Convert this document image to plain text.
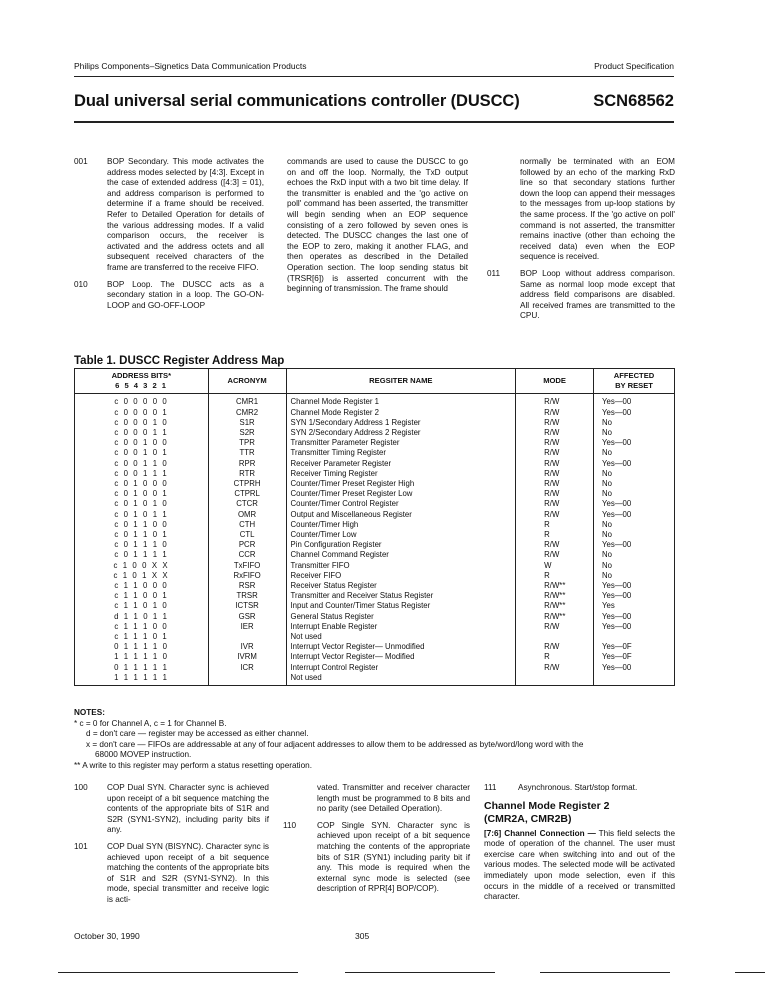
Philips Components–Signetics Data Communication Products	Product Specification
Dual universal serial communications controller (DUSCC)	SCN68562
001 BOP Secondary. This mode activates the address modes selected by [4:3]. Except in the case of extended address ([4:3] = 01), and address comparison is performed to determine if a frame should be received. Refer to Detailed Operation for details of the various addressing modes. If a valid comparison occurs, the receiver is activated and the address octets and all subsequent received characters of the frame are transferred to the receive FIFO.
010 BOP Loop. The DUSCC acts as a secondary station in a loop. The GO-ON-LOOP and GO-OFF-LOOP
commands are used to cause the DUSCC to go on and off the loop. Normally, the TxD output echoes the RxD input with a two bit time delay. If the transmitter is enabled and the 'go active on poll' command has been asserted, the transmitter will begin sending when an EOP sequence consisting of a zero followed by seven ones is detected. The DUSCC changes the last one of the EOP to zero, making it another FLAG, and then operates as described in the Detailed Operation section. The loop sending status bit (TRSR[6]) is asserted concurrent with the beginning of transmission. The frame should
normally be terminated with an EOM followed by an echo of the marking RxD line so that secondary stations further down the loop can append their messages to the messages from up-loop stations by the same process. If the 'go active on poll' command is not asserted, the transmitter remains inactive (other than echoing the received data) even when the EOP sequence is received.
011 BOP Loop without address comparison. Same as normal loop mode except that address field comparisons are disabled. All received frames are transmitted to the CPU.
Table 1. DUSCC Register Address Map
ADDRESS BITS*
6 5 4 3 2 1	ACRONYM	REGSITER NAME	MODE	AFFECTED BY RESET
c 0 0 0 0 0	CMR1	Channel Mode Register 1	R/W	Yes—00
c 0 0 0 0 1	CMR2	Channel Mode Register 2	R/W	Yes—00
c 0 0 0 1 0	S1R	SYN 1/Secondary Address 1 Register	R/W	No
c 0 0 0 1 1	S2R	SYN 2/Secondary Address 2 Register	R/W	No
c 0 0 1 0 0	TPR	Transmitter Parameter Register	R/W	Yes—00
c 0 0 1 0 1	TTR	Transmitter Timing Register	R/W	No
c 0 0 1 1 0	RPR	Receiver Parameter Register	R/W	Yes—00
c 0 0 1 1 1	RTR	Receiver Timing Register	R/W	No
c 0 1 0 0 0	CTPRH	Counter/Timer Preset Register High	R/W	No
c 0 1 0 0 1	CTPRL	Counter/Timer Preset Register Low	R/W	No
c 0 1 0 1 0	CTCR	Counter/Timer Control Register	R/W	Yes—00
c 0 1 0 1 1	OMR	Output and Miscellaneous Register	R/W	Yes—00
c 0 1 1 0 0	CTH	Counter/Timer High	R	No
c 0 1 1 0 1	CTL	Counter/Timer Low	R	No
c 0 1 1 1 0	PCR	Pin Configuration Register	R/W	Yes—00
c 0 1 1 1 1	CCR	Channel Command Register	R/W	No
c 1 0 0 X X	TxFIFO	Transmitter FIFO	W	No
c 1 0 1 X X	RxFIFO	Receiver FIFO	R	No
c 1 1 0 0 0	RSR	Receiver Status Register	R/W**	Yes—00
c 1 1 0 0 1	TRSR	Transmitter and Receiver Status Register	R/W**	Yes—00
c 1 1 0 1 0	ICTSR	Input and Counter/Timer Status Register	R/W**	Yes
d 1 1 0 1 1	GSR	General Status Register	R/W**	Yes—00
c 1 1 1 0 0	IER	Interrupt Enable Register	R/W	Yes—00
c 1 1 1 0 1		Not used		
0 1 1 1 1 0	IVR	Interrupt Vector Register— Unmodified	R/W	Yes—0F
1 1 1 1 1 0	IVRM	Interrupt Vector Register— Modified	R	Yes—0F
0 1 1 1 1 1	ICR	Interrupt Control Register	R/W	Yes—00
1 1 1 1 1 1		Not used		
NOTES:
* c = 0 for Channel A, c = 1 for Channel B.
d = don't care — register may be accessed as either channel.
x = don't care — FIFOs are addressable at any of four adjacent addresses to allow them to be addressed as byte/word/long word with the
68000 MOVEP instruction.
** A write to this register may perform a status resetting operation.
100 COP Dual SYN. Character sync is achieved upon receipt of a bit sequence matching the contents of the appropriate bits of S1R and S2R (SYN1-SYN2), including parity bits if any.
101 COP Dual SYN (BISYNC). Character sync is achieved upon receipt of a bit sequence matching the contents of the appropriate bits of S1R and S2R (SYN1-SYN2). In this mode, special transmitter and receive logic is acti-
vated. Transmitter and receiver character length must be programmed to 8 bits and no parity (see Detailed Operation).
110	COP Single SYN. Character sync is achieved upon receipt of a bit sequence matching the contents of the appropriate bits of S1R (SYN1) including parity bit if any. This mode is required when the external sync mode is selected (see description of RPR[4] BOP/COP).
111	Asynchronous. Start/stop format.
Channel Mode Register 2
(CMR2A, CMR2B)
[7:6] Channel Connection — This field selects the mode of operation of the channel. The user must exercise care when switching into and out of the various modes. The selected mode will be activated immediately upon mode selection, even if this occurs in the middle of a received or transmitted character.
October 30, 1990	305
